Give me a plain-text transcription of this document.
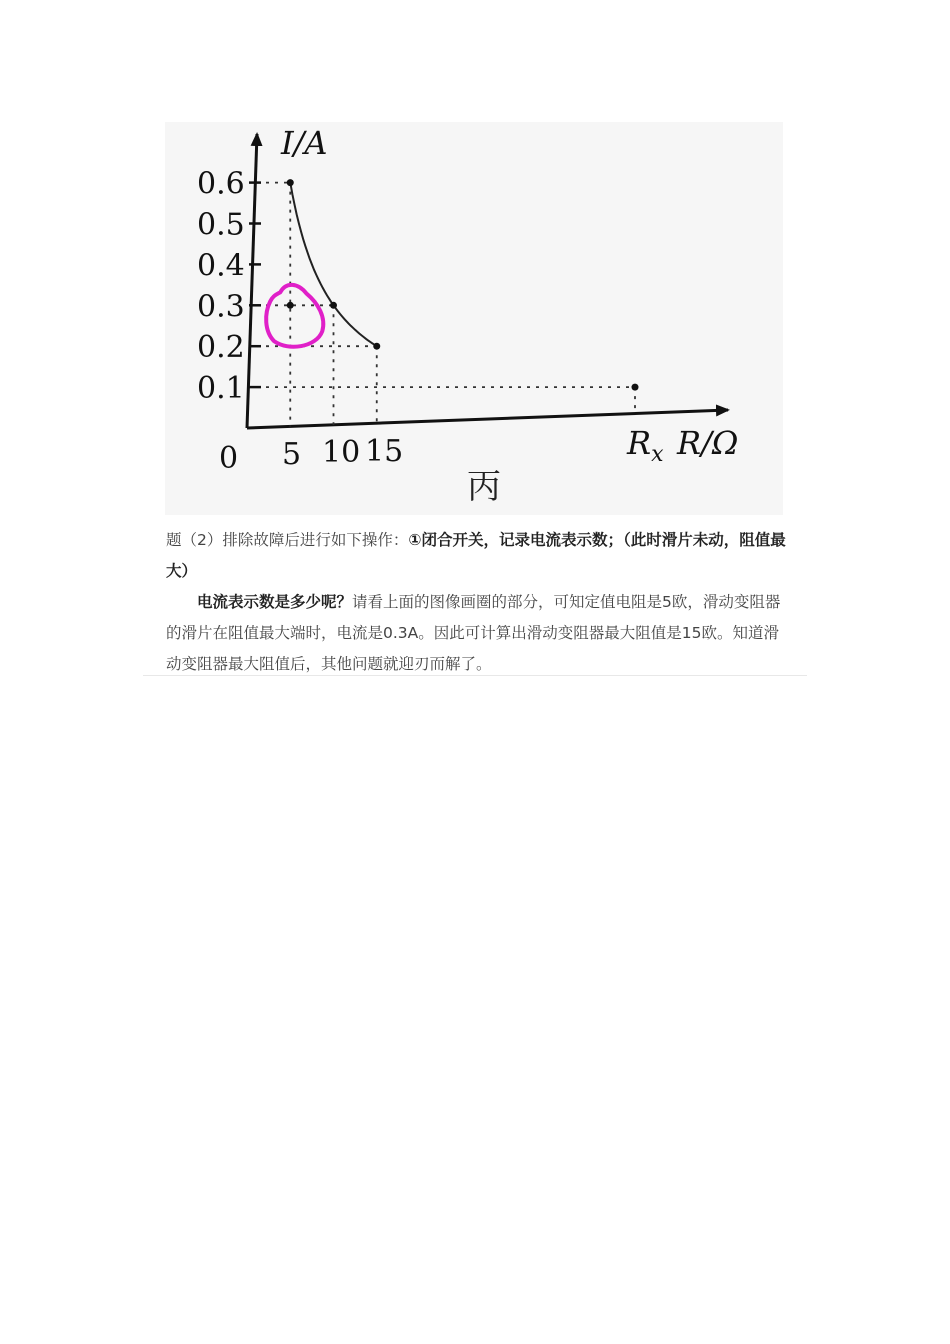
0.1
0.2
0.3
0.4
0.5
0.6
I/A
R/Ω
0 5 10 15	$R_x$
丙

题（2）排除故障后进行如下操作：①闭合开关，记录电流表示数；（此时滑片未动，阻值最大）

电流表示数是多少呢？请看上面的图像画圈的部分，可知定值电阻是5欧，滑动变阻器的滑片在阻值最大端时，电流是0.3A。因此可计算出滑动变阻器最大阻值是15欧。知道滑动变阻器最大阻值后，其他问题就迎刃而解了。
